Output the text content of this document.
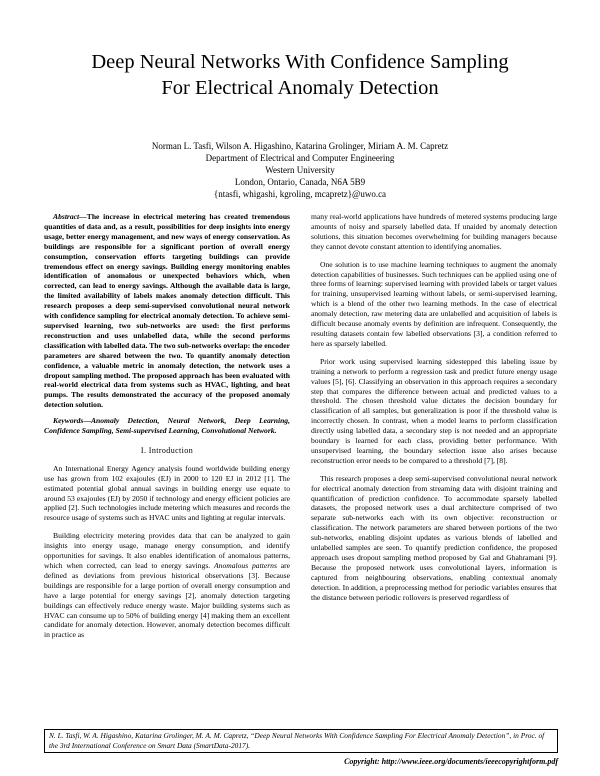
Deep Neural Networks With Confidence Sampling
For Electrical Anomaly Detection
Norman L. Tasfi, Wilson A. Higashino, Katarina Grolinger, Miriam A. M. Capretz
Department of Electrical and Computer Engineering
Western University
London, Ontario, Canada, N6A 5B9
{ntasfi, whigashi, kgroling, mcapretz}@uwo.ca

Abstract—The increase in electrical metering has created tremendous quantities of data and, as a result, possibilities for deep insights into energy usage, better energy management, and new ways of energy conservation. As buildings are responsible for a significant portion of overall energy consumption, conservation efforts targeting buildings can provide tremendous effect on energy savings. Building energy monitoring enables identification of anomalous or unexpected behaviors which, when corrected, can lead to energy savings. Although the available data is large, the limited availability of labels makes anomaly detection difficult. This research proposes a deep semi-supervised convolutional neural network with confidence sampling for electrical anomaly detection. To achieve semi-supervised learning, two sub-networks are used: the first performs reconstruction and uses unlabelled data, while the second performs classification with labelled data. The two sub-networks overlap: the encoder parameters are shared between the two. To quantify anomaly detection confidence, a valuable metric in anomaly detection, the network uses a dropout sampling method. The proposed approach has been evaluated with real-world electrical data from systems such as HVAC, lighting, and heat pumps. The results demonstrated the accuracy of the proposed anomaly detection solution.

Keywords—Anomaly Detection, Neural Network, Deep Learning, Confidence Sampling, Semi-supervised Learning, Convolutional Network.

I. Introduction

An International Energy Agency analysis found worldwide building energy use has grown from 102 exajoules (EJ) in 2000 to 120 EJ in 2012 [1]. The estimated potential global annual savings in building energy use equate to around 53 exajoules (EJ) by 2050 if technology and energy efficient policies are applied [2]. Such technologies include metering which measures and records the resource usage of systems such as HVAC units and lighting at regular intervals.

Building electricity metering provides data that can be analyzed to gain insights into energy usage, manage energy consumption, and identify opportunities for savings. It also enables identification of anomalous patterns, which when corrected, can lead to energy savings. Anomalous patterns are defined as deviations from previous historical observations [3]. Because buildings are responsible for a large portion of overall energy consumption and have a large potential for energy savings [2], anomaly detection targeting buildings can effectively reduce energy waste. Major building systems such as HVAC can consume up to 50% of building energy [4] making them an excellent candidate for anomaly detection. However, anomaly detection becomes difficult in practice as

many real-world applications have hundreds of metered systems producing large amounts of noisy and sparsely labelled data. If unaided by anomaly detection solutions, this situation becomes overwhelming for building managers because they cannot devote constant attention to identifying anomalies.

One solution is to use machine learning techniques to augment the anomaly detection capabilities of businesses. Such techniques can be applied using one of three forms of learning: supervised learning with provided labels or target values for training, unsupervised learning without labels, or semi-supervised learning, which is a blend of the other two learning methods. In the case of electrical anomaly detection, raw metering data are unlabelled and acquisition of labels is difficult because anomaly events by definition are infrequent. Consequently, the resulting datasets contain few labelled observations [3], a condition referred to here as sparsely labelled.

Prior work using supervised learning sidestepped this labeling issue by training a network to perform a regression task and predict future energy usage values [5], [6]. Classifying an observation in this approach requires a secondary step that compares the difference between actual and predicted values to a threshold. The chosen threshold value dictates the decision boundary for classification of all samples, but generalization is poor if the threshold value is incorrectly chosen. In contrast, when a model learns to perform classification directly using labelled data, a secondary step is not needed and an appropriate boundary is learned for each class, providing better performance. With unsupervised learning, the boundary selection issue also arises because reconstruction error needs to be compared to a threshold [7], [8].

This research proposes a deep semi-supervised convolutional neural network for electrical anomaly detection from streaming data with disjoint training and quantification of prediction confidence. To accommodate sparsely labelled datasets, the proposed network uses a dual architecture comprised of two separate sub-networks each with its own objective: reconstruction or classification. The network parameters are shared between portions of the two sub-networks, enabling disjoint updates as various blends of labelled and unlabelled samples are seen. To quantify prediction confidence, the proposed approach uses dropout sampling method proposed by Gal and Ghahramani [9]. Because the proposed network uses convolutional layers, information is captured from neighbouring observations, enabling contextual anomaly detection. In addition, a preprocessing method for periodic variables ensures that the distance between periodic rollovers is preserved regardless of

N. L. Tasfi, W. A. Higashino, Katarina Grolinger, M. A. M. Capretz, “Deep Neural Networks With Confidence Sampling For Electrical Anomaly Detection”, in Proc. of the 3rd International Conference on Smart Data (SmartData-2017).
Copyright: http://www.ieee.org/documents/ieeecopyrightform.pdf
